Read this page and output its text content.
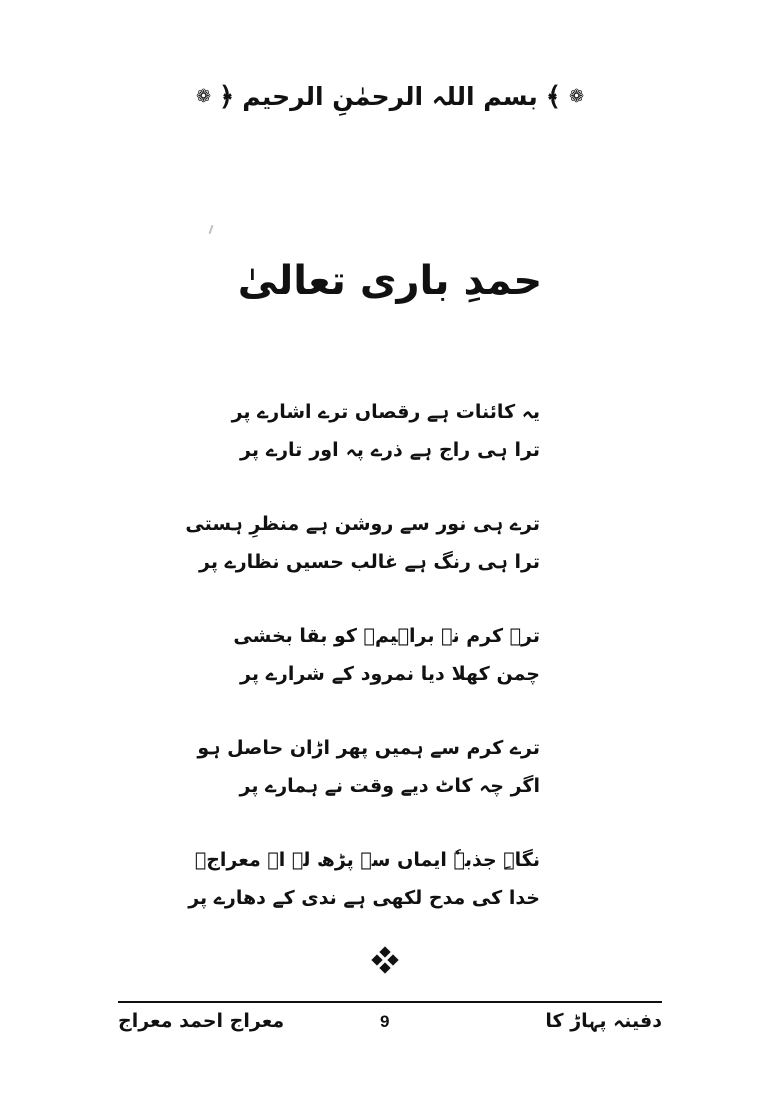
❁
﴾
بسم اللہ الرحمٰنِ الرحیم
﴿
❁
حمدِ باری تعالیٰ
یہ کائنات ہے رقصاں ترے اشارے پر
ترا ہی راج ہے ذرے پہ اور تارے پر
ترے ہی نور سے روشن ہے منظرِ ہستی
ترا ہی رنگ ہے غالب حسیں نظارے پر
ترے کرم نے براہیمؑ کو بقا بخشی
چمن کھلا دیا نمرود کے شرارے پر
ترے کرم سے ہمیں پھر اڑان حاصل ہو
اگر چہ کاٹ دیے وقت نے ہمارے پر
نگاہِ جذبہٗ ایماں سے پڑھ لے اے معراجؔ
خدا کی مدح لکھی ہے ندی کے دھارے پر
معراج احمد معراج	9	دفینہ پہاڑ کا
